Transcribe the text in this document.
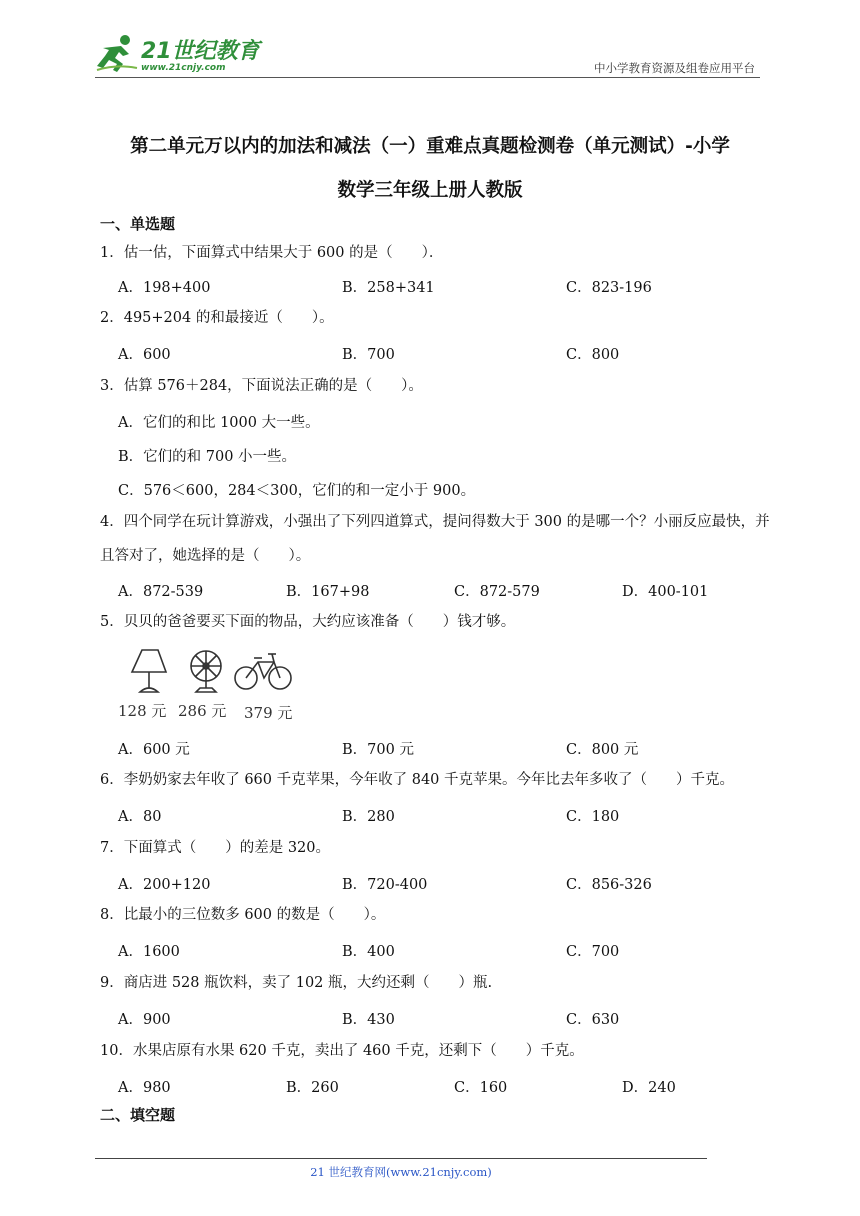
21世纪教育
www.21cnjy.com	中小学教育资源及组卷应用平台
第二单元万以内的加法和减法（一）重难点真题检测卷（单元测试）-小学
数学三年级上册人教版
一、单选题
1．估一估，下面算式中结果大于 600 的是（　　）．
A．198+400	B．258+341	C．823-196
2．495+204 的和最接近（　　）。
A．600	B．700	C．800
3．估算 576＋284，下面说法正确的是（　　）。
A．它们的和比 1000 大一些。
B．它们的和 700 小一些。
C．576＜600，284＜300，它们的和一定小于 900。
4．四个同学在玩计算游戏，小强出了下列四道算式，提问得数大于 300 的是哪一个？小丽反应最快，并且答对了，她选择的是（　　）。
A．872-539	B．167+98	C．872-579	D．400-101
5．贝贝的爸爸要买下面的物品，大约应该准备（　　）钱才够。
128 元 286 元 379 元
A．600 元	B．700 元	C．800 元
6．李奶奶家去年收了 660 千克苹果，今年收了 840 千克苹果。今年比去年多收了（　　）千克。
A．80	B．280	C．180
7．下面算式（　　）的差是 320。
A．200+120	B．720-400	C．856-326
8．比最小的三位数多 600 的数是（　　）。
A．1600	B．400	C．700
9．商店进 528 瓶饮料，卖了 102 瓶，大约还剩（　　）瓶.
A．900	B．430	C．630
10．水果店原有水果 620 千克，卖出了 460 千克，还剩下（　　）千克。
A．980	B．260	C．160	D．240
二、填空题
21 世纪教育网(www.21cnjy.com)
